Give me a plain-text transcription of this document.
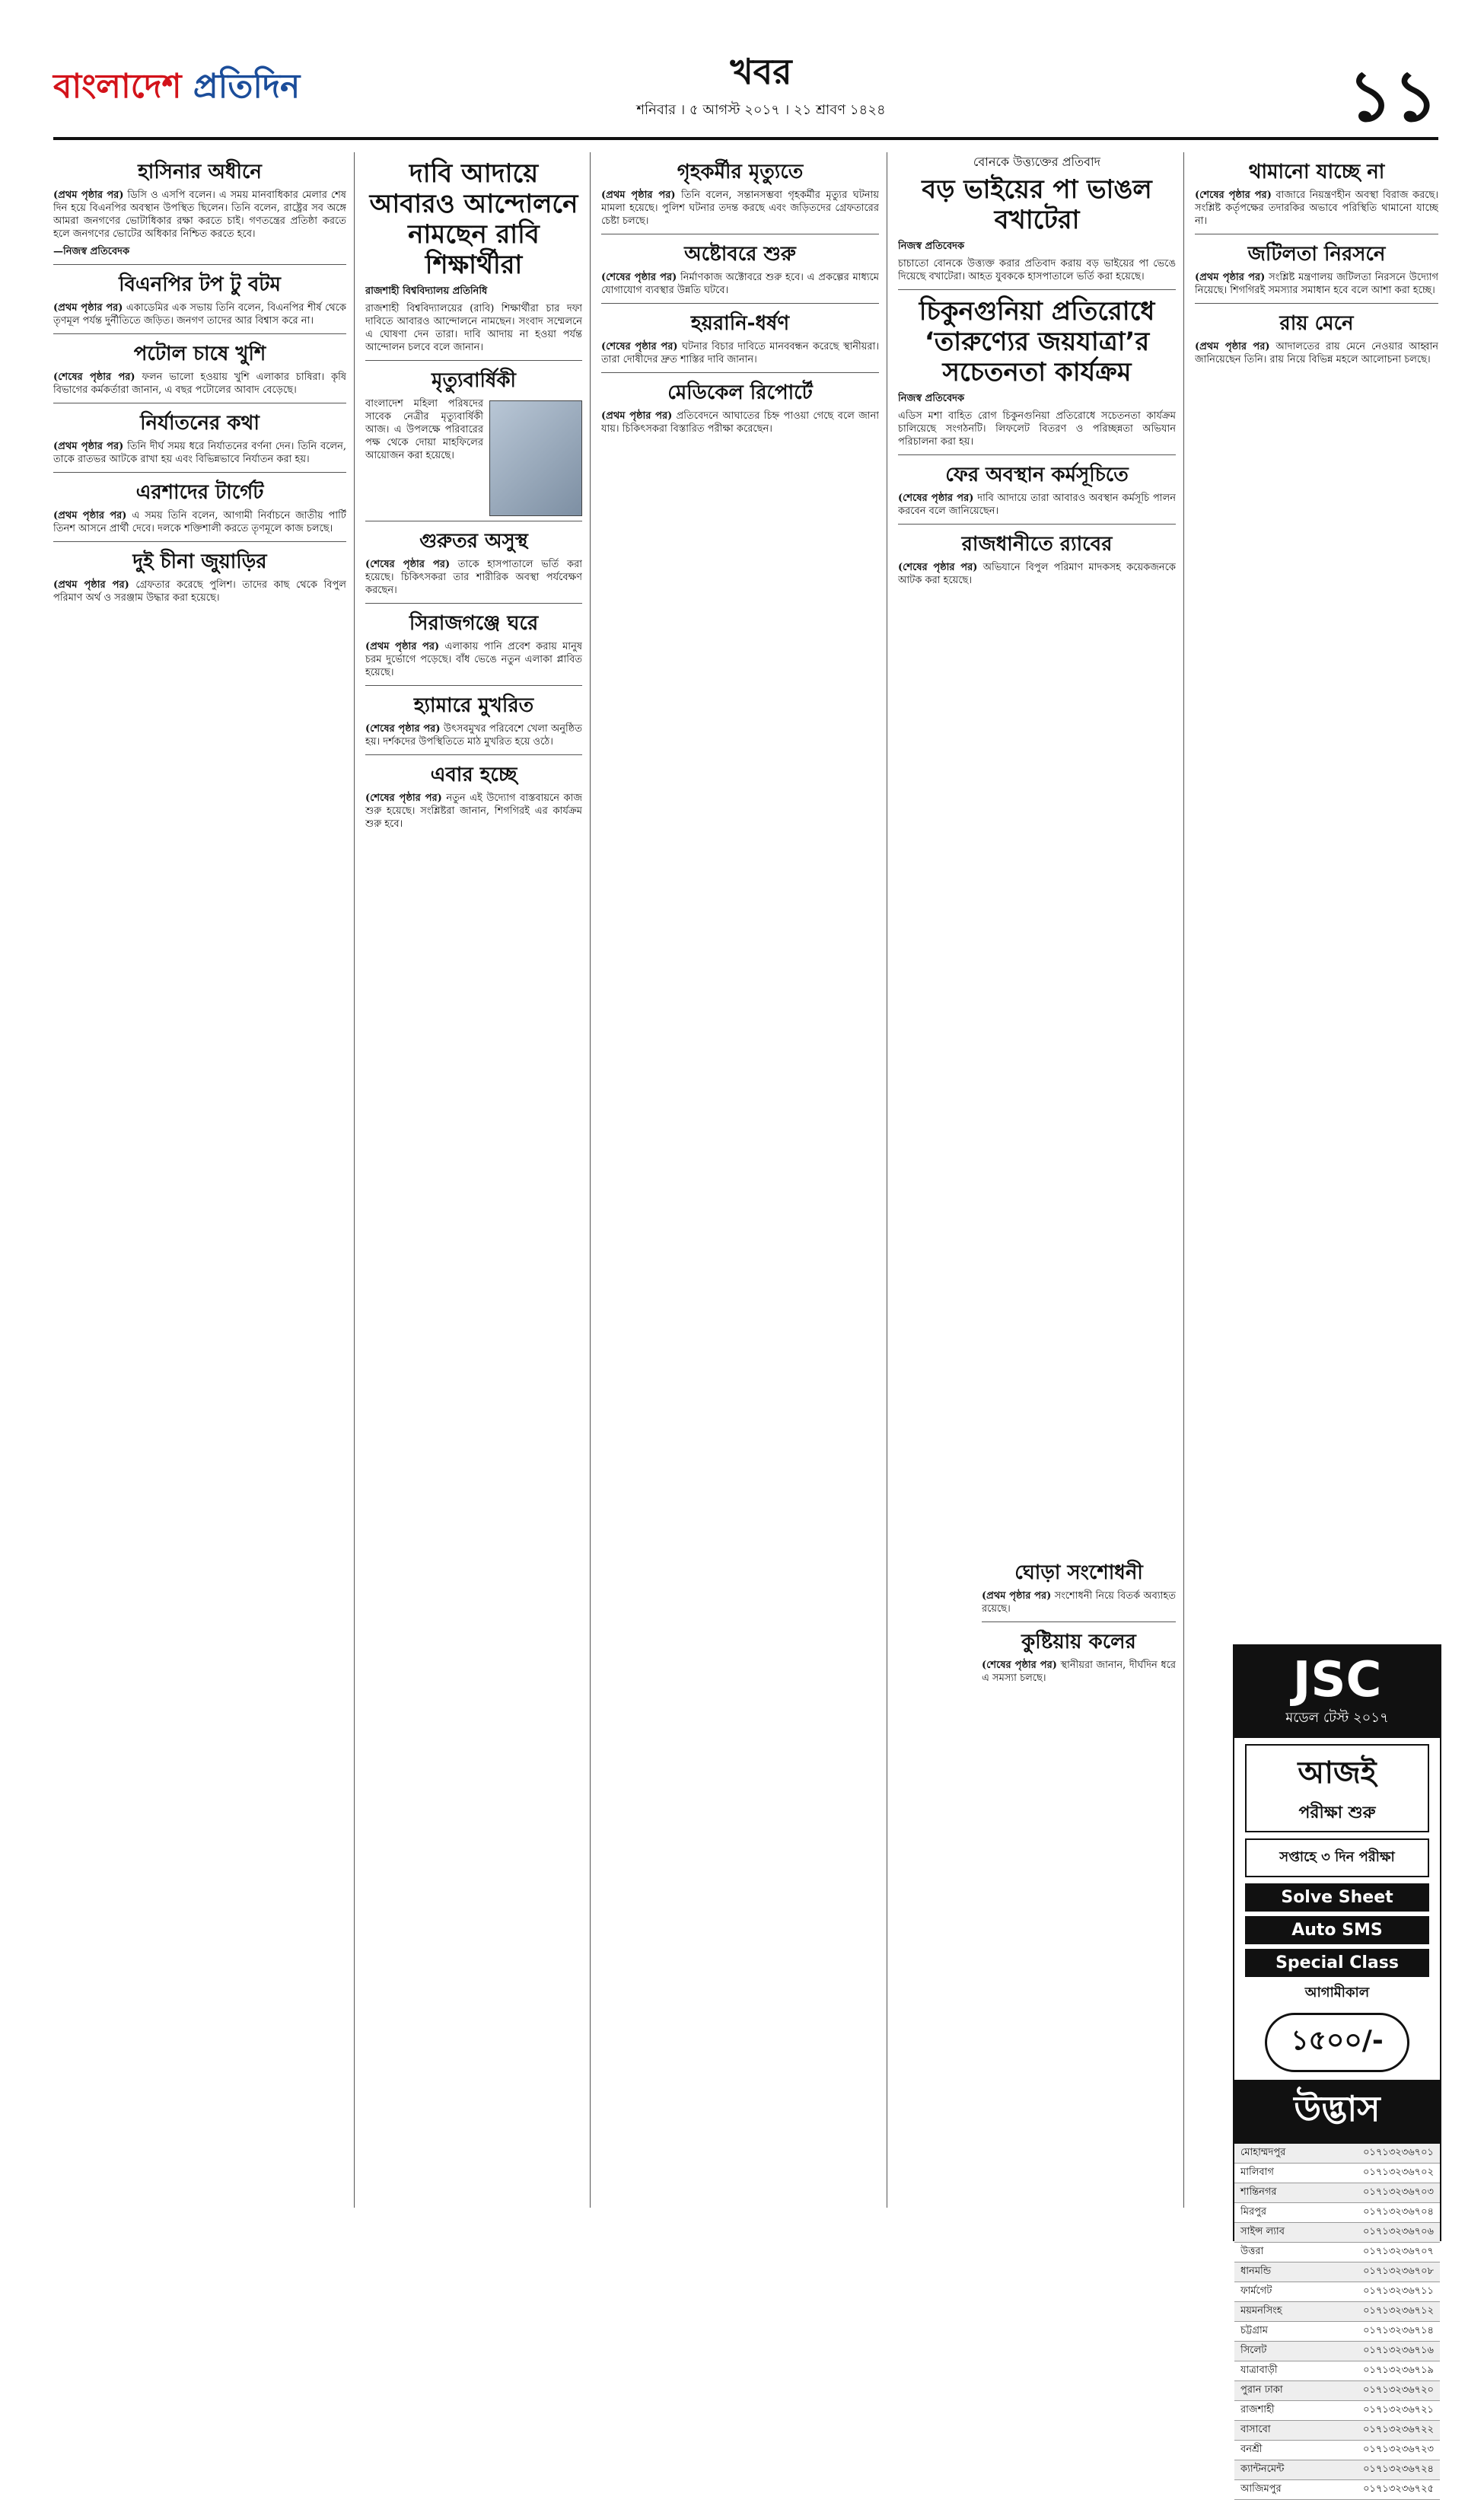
বাংলাদেশ প্রতিদিন	খবর
শনিবার । ৫ আগস্ট ২০১৭ । ২১ শ্রাবণ ১৪২৪	১১
হাসিনার অধীনে

(প্রথম পৃষ্ঠার পর) ডিসি ও এসপি বলেন। এ সময় মানবাধিকার মেলার শেষ দিন হয়ে বিএনপির অবস্থান উপস্থিত ছিলেন। তিনি বলেন, রাষ্ট্রের সব অঙ্গে আমরা জনগণের ভোটাধিকার রক্ষা করতে চাই। গণতন্ত্রের প্রতিষ্ঠা করতে হলে জনগণের ভোটের অধিকার নিশ্চিত করতে হবে।

—নিজস্ব প্রতিবেদক

বিএনপির টপ টু বটম

(প্রথম পৃষ্ঠার পর) একাডেমির এক সভায় তিনি বলেন, বিএনপির শীর্ষ থেকে তৃণমূল পর্যন্ত দুর্নীতিতে জড়িত। জনগণ তাদের আর বিশ্বাস করে না।

পটোল চাষে খুশি

(শেষের পৃষ্ঠার পর) ফলন ভালো হওয়ায় খুশি এলাকার চাষিরা। কৃষি বিভাগের কর্মকর্তারা জানান, এ বছর পটোলের আবাদ বেড়েছে।

নির্যাতনের কথা

(প্রথম পৃষ্ঠার পর) তিনি দীর্ঘ সময় ধরে নির্যাতনের বর্ণনা দেন। তিনি বলেন, তাকে রাতভর আটকে রাখা হয় এবং বিভিন্নভাবে নির্যাতন করা হয়।

এরশাদের টার্গেট

(প্রথম পৃষ্ঠার পর) এ সময় তিনি বলেন, আগামী নির্বাচনে জাতীয় পার্টি তিনশ আসনে প্রার্থী দেবে। দলকে শক্তিশালী করতে তৃণমূলে কাজ চলছে।

দুই চীনা জুয়াড়ির

(প্রথম পৃষ্ঠার পর) গ্রেফতার করেছে পুলিশ। তাদের কাছ থেকে বিপুল পরিমাণ অর্থ ও সরঞ্জাম উদ্ধার করা হয়েছে।

দাবি আদায়ে আবারও আন্দোলনে নামছেন রাবি শিক্ষার্থীরা

রাজশাহী বিশ্ববিদ্যালয় প্রতিনিধি

রাজশাহী বিশ্ববিদ্যালয়ের (রাবি) শিক্ষার্থীরা চার দফা দাবিতে আবারও আন্দোলনে নামছেন। সংবাদ সম্মেলনে এ ঘোষণা দেন তারা। দাবি আদায় না হওয়া পর্যন্ত আন্দোলন চলবে বলে জানান।

মৃত্যুবার্ষিকী

বাংলাদেশ মহিলা পরিষদের সাবেক নেত্রীর মৃত্যুবার্ষিকী আজ। এ উপলক্ষে পরিবারের পক্ষ থেকে দোয়া মাহফিলের আয়োজন করা হয়েছে।

গুরুতর অসুস্থ

(শেষের পৃষ্ঠার পর) তাকে হাসপাতালে ভর্তি করা হয়েছে। চিকিৎসকরা তার শারীরিক অবস্থা পর্যবেক্ষণ করছেন।

সিরাজগঞ্জে ঘরে

(প্রথম পৃষ্ঠার পর) এলাকায় পানি প্রবেশ করায় মানুষ চরম দুর্ভোগে পড়েছে। বাঁধ ভেঙে নতুন এলাকা প্লাবিত হয়েছে।

হ্যামারে মুখরিত

(শেষের পৃষ্ঠার পর) উৎসবমুখর পরিবেশে খেলা অনুষ্ঠিত হয়। দর্শকদের উপস্থিতিতে মাঠ মুখরিত হয়ে ওঠে।

এবার হচ্ছে

(শেষের পৃষ্ঠার পর) নতুন এই উদ্যোগ বাস্তবায়নে কাজ শুরু হয়েছে। সংশ্লিষ্টরা জানান, শিগগিরই এর কার্যক্রম শুরু হবে।

গৃহকর্মীর মৃত্যুতে

(প্রথম পৃষ্ঠার পর) তিনি বলেন, সন্তানসম্ভবা গৃহকর্মীর মৃত্যুর ঘটনায় মামলা হয়েছে। পুলিশ ঘটনার তদন্ত করছে এবং জড়িতদের গ্রেফতারের চেষ্টা চলছে।

অষ্টোবরে শুরু

(শেষের পৃষ্ঠার পর) নির্মাণকাজ অক্টোবরে শুরু হবে। এ প্রকল্পের মাধ্যমে যোগাযোগ ব্যবস্থার উন্নতি ঘটবে।

হয়রানি-ধর্ষণ

(শেষের পৃষ্ঠার পর) ঘটনার বিচার দাবিতে মানববন্ধন করেছে স্থানীয়রা। তারা দোষীদের দ্রুত শাস্তির দাবি জানান।

মেডিকেল রিপোর্টে

(প্রথম পৃষ্ঠার পর) প্রতিবেদনে আঘাতের চিহ্ন পাওয়া গেছে বলে জানা যায়। চিকিৎসকরা বিস্তারিত পরীক্ষা করেছেন।

বোনকে উত্ত্যক্তের প্রতিবাদ

বড় ভাইয়ের পা ভাঙল বখাটেরা

নিজস্ব প্রতিবেদক

চাচাতো বোনকে উত্ত্যক্ত করার প্রতিবাদ করায় বড় ভাইয়ের পা ভেঙে দিয়েছে বখাটেরা। আহত যুবককে হাসপাতালে ভর্তি করা হয়েছে।

চিকুনগুনিয়া প্রতিরোধে ‘তারুণ্যের জয়যাত্রা’র সচেতনতা কার্যক্রম

নিজস্ব প্রতিবেদক

এডিস মশা বাহিত রোগ চিকুনগুনিয়া প্রতিরোধে সচেতনতা কার্যক্রম চালিয়েছে সংগঠনটি। লিফলেট বিতরণ ও পরিচ্ছন্নতা অভিযান পরিচালনা করা হয়।

ফের অবস্থান কর্মসূচিতে

(শেষের পৃষ্ঠার পর) দাবি আদায়ে তারা আবারও অবস্থান কর্মসূচি পালন করবেন বলে জানিয়েছেন।

রাজধানীতে র‍্যাবের

(শেষের পৃষ্ঠার পর) অভিযানে বিপুল পরিমাণ মাদকসহ কয়েকজনকে আটক করা হয়েছে।

থামানো যাচ্ছে না

(শেষের পৃষ্ঠার পর) বাজারে নিয়ন্ত্রণহীন অবস্থা বিরাজ করছে। সংশ্লিষ্ট কর্তৃপক্ষের তদারকির অভাবে পরিস্থিতি থামানো যাচ্ছে না।

জটিলতা নিরসনে

(প্রথম পৃষ্ঠার পর) সংশ্লিষ্ট মন্ত্রণালয় জটিলতা নিরসনে উদ্যোগ নিয়েছে। শিগগিরই সমস্যার সমাধান হবে বলে আশা করা হচ্ছে।

রায় মেনে

(প্রথম পৃষ্ঠার পর) আদালতের রায় মেনে নেওয়ার আহ্বান জানিয়েছেন তিনি। রায় নিয়ে বিভিন্ন মহলে আলোচনা চলছে।

ঘোড়া সংশোধনী

(প্রথম পৃষ্ঠার পর) সংশোধনী নিয়ে বিতর্ক অব্যাহত রয়েছে।

কুষ্টিয়ায় কলের

(শেষের পৃষ্ঠার পর) স্থানীয়রা জানান, দীর্ঘদিন ধরে এ সমস্যা চলছে।	JSC
মডেল টেস্ট ২০১৭
আজই
পরীক্ষা শুরু
সপ্তাহে ৩ দিন পরীক্ষা
Solve Sheet
Auto SMS
Special Class
আগামীকাল
১৫০০/-
উদ্ভাস
মোহাম্মদপুর	০১৭১৩২৩৬৭০১
মালিবাগ	০১৭১৩২৩৬৭০২
শান্তিনগর	০১৭১৩২৩৬৭০৩
মিরপুর	০১৭১৩২৩৬৭০৪
সাইন্স ল্যাব	০১৭১৩২৩৬৭০৬
উত্তরা	০১৭১৩২৩৬৭০৭
ধানমন্ডি	০১৭১৩২৩৬৭০৮
ফার্মগেট	০১৭১৩২৩৬৭১১
ময়মনসিংহ	০১৭১৩২৩৬৭১২
চট্টগ্রাম	০১৭১৩২৩৬৭১৪
সিলেট	০১৭১৩২৩৬৭১৬
যাত্রাবাড়ী	০১৭১৩২৩৬৭১৯
পুরান ঢাকা	০১৭১৩২৩৬৭২০
রাজশাহী	০১৭১৩২৩৬৭২১
বাসাবো	০১৭১৩২৩৬৭২২
বনশ্রী	০১৭১৩২৩৬৭২৩
ক্যান্টনমেন্ট	০১৭১৩২৩৬৭২৪
আজিমপুর	০১৭১৩২৩৬৭২৫
